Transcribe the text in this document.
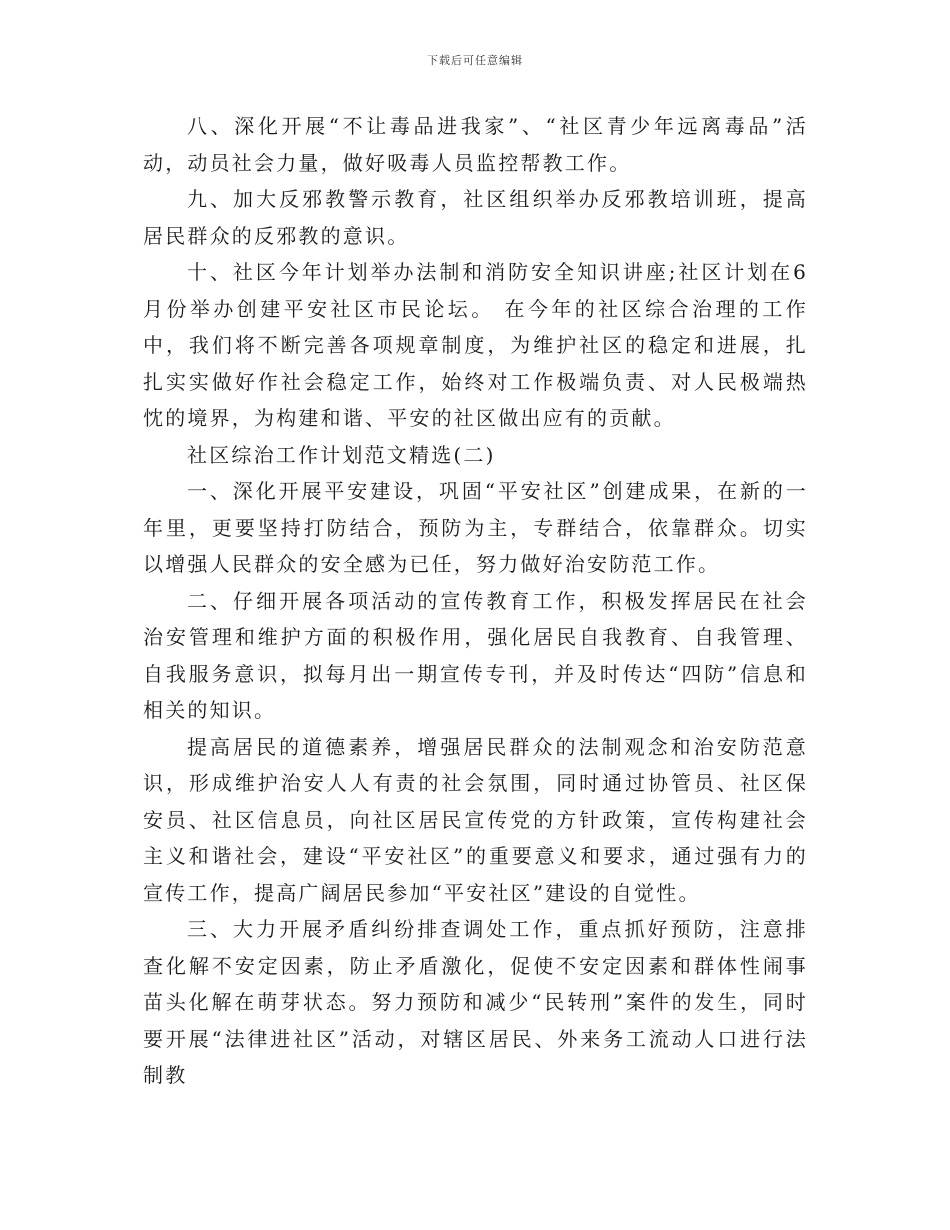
下载后可任意编辑

八、深化开展“不让毒品进我家”、“社区青少年远离毒品”活动，动员社会力量，做好吸毒人员监控帮教工作。

九、加大反邪教警示教育，社区组织举办反邪教培训班，提高居民群众的反邪教的意识。

十、社区今年计划举办法制和消防安全知识讲座;社区计划在6月份举办创建平安社区市民论坛。 在今年的社区综合治理的工作中，我们将不断完善各项规章制度，为维护社区的稳定和进展，扎扎实实做好作社会稳定工作，始终对工作极端负责、对人民极端热忱的境界，为构建和谐、平安的社区做出应有的贡献。

社区综治工作计划范文精选(二)

一、深化开展平安建设，巩固“平安社区”创建成果，在新的一年里，更要坚持打防结合，预防为主，专群结合，依靠群众。切实以增强人民群众的安全感为已任，努力做好治安防范工作。

二、仔细开展各项活动的宣传教育工作，积极发挥居民在社会治安管理和维护方面的积极作用，强化居民自我教育、自我管理、自我服务意识，拟每月出一期宣传专刊，并及时传达“四防”信息和相关的知识。

提高居民的道德素养，增强居民群众的法制观念和治安防范意识，形成维护治安人人有责的社会氛围，同时通过协管员、社区保安员、社区信息员，向社区居民宣传党的方针政策，宣传构建社会主义和谐社会，建设“平安社区”的重要意义和要求，通过强有力的宣传工作，提高广阔居民参加“平安社区”建设的自觉性。

三、大力开展矛盾纠纷排查调处工作，重点抓好预防，注意排查化解不安定因素，防止矛盾激化，促使不安定因素和群体性闹事苗头化解在萌芽状态。努力预防和减少“民转刑”案件的发生，同时要开展“法律进社区”活动，对辖区居民、外来务工流动人口进行法制教
